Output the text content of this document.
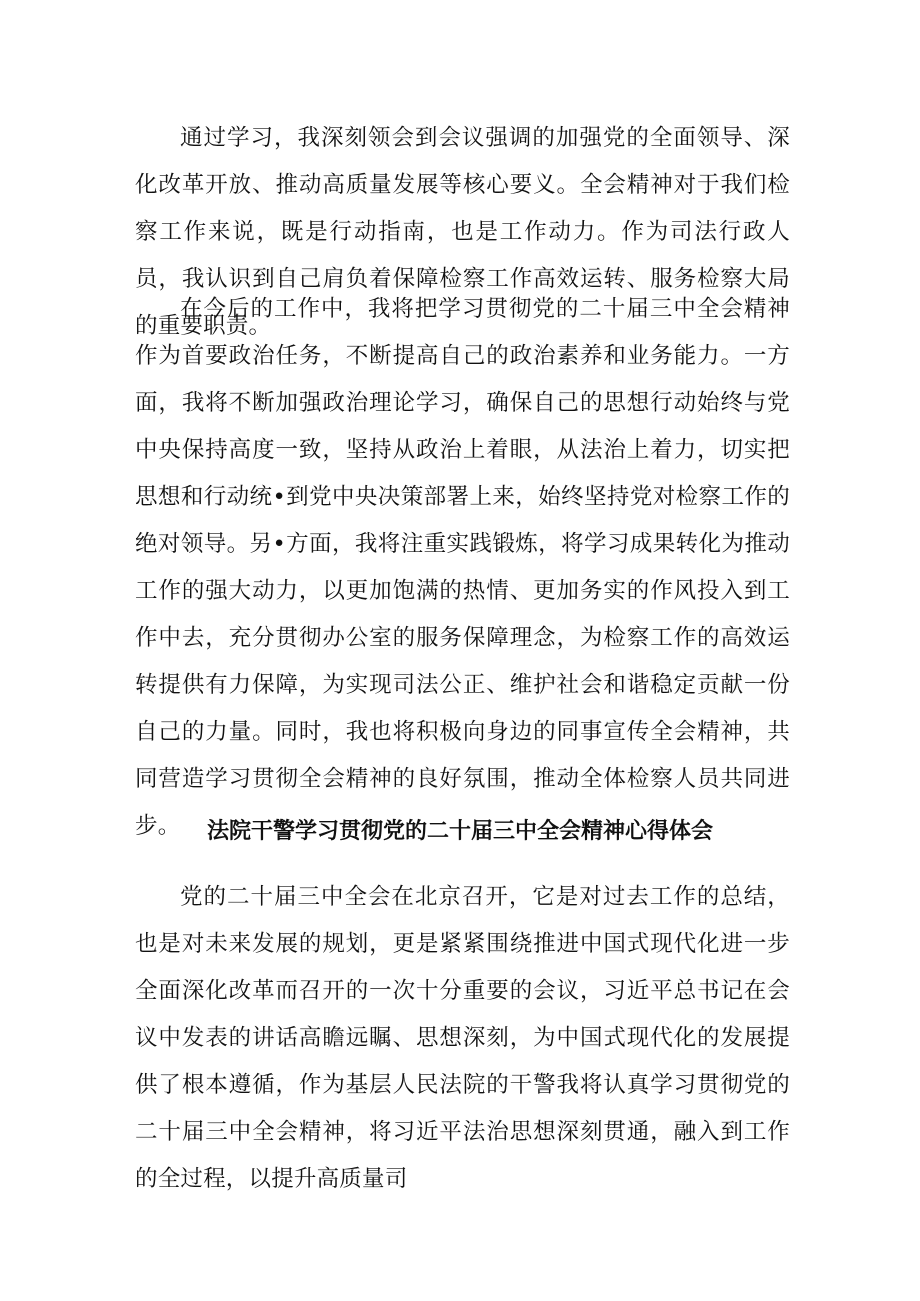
通过学习，我深刻领会到会议强调的加强党的全面领导、深化改革开放、推动高质量发展等核心要义。全会精神对于我们检察工作来说，既是行动指南，也是工作动力。作为司法行政人员，我认识到自己肩负着保障检察工作高效运转、服务检察大局的重要职责。

在今后的工作中，我将把学习贯彻党的二十届三中全会精神作为首要政治任务，不断提高自己的政治素养和业务能力。一方面，我将不断加强政治理论学习，确保自己的思想行动始终与党中央保持高度一致，坚持从政治上着眼，从法治上着力，切实把思想和行动统•到党中央决策部署上来，始终坚持党对检察工作的绝对领导。另•方面，我将注重实践锻炼，将学习成果转化为推动工作的强大动力，以更加饱满的热情、更加务实的作风投入到工作中去，充分贯彻办公室的服务保障理念，为检察工作的高效运转提供有力保障，为实现司法公正、维护社会和谐稳定贡献一份自己的力量。同时，我也将积极向身边的同事宣传全会精神，共同营造学习贯彻全会精神的良好氛围，推动全体检察人员共同进步。	法院干警学习贯彻党的二十届三中全会精神心得体会

党的二十届三中全会在北京召开，它是对过去工作的总结，也是对未来发展的规划，更是紧紧围绕推进中国式现代化进一步全面深化改革而召开的一次十分重要的会议，习近平总书记在会议中发表的讲话高瞻远瞩、思想深刻，为中国式现代化的发展提供了根本遵循，作为基层人民法院的干警我将认真学习贯彻党的二十届三中全会精神，将习近平法治思想深刻贯通，融入到工作的全过程，以提升高质量司
